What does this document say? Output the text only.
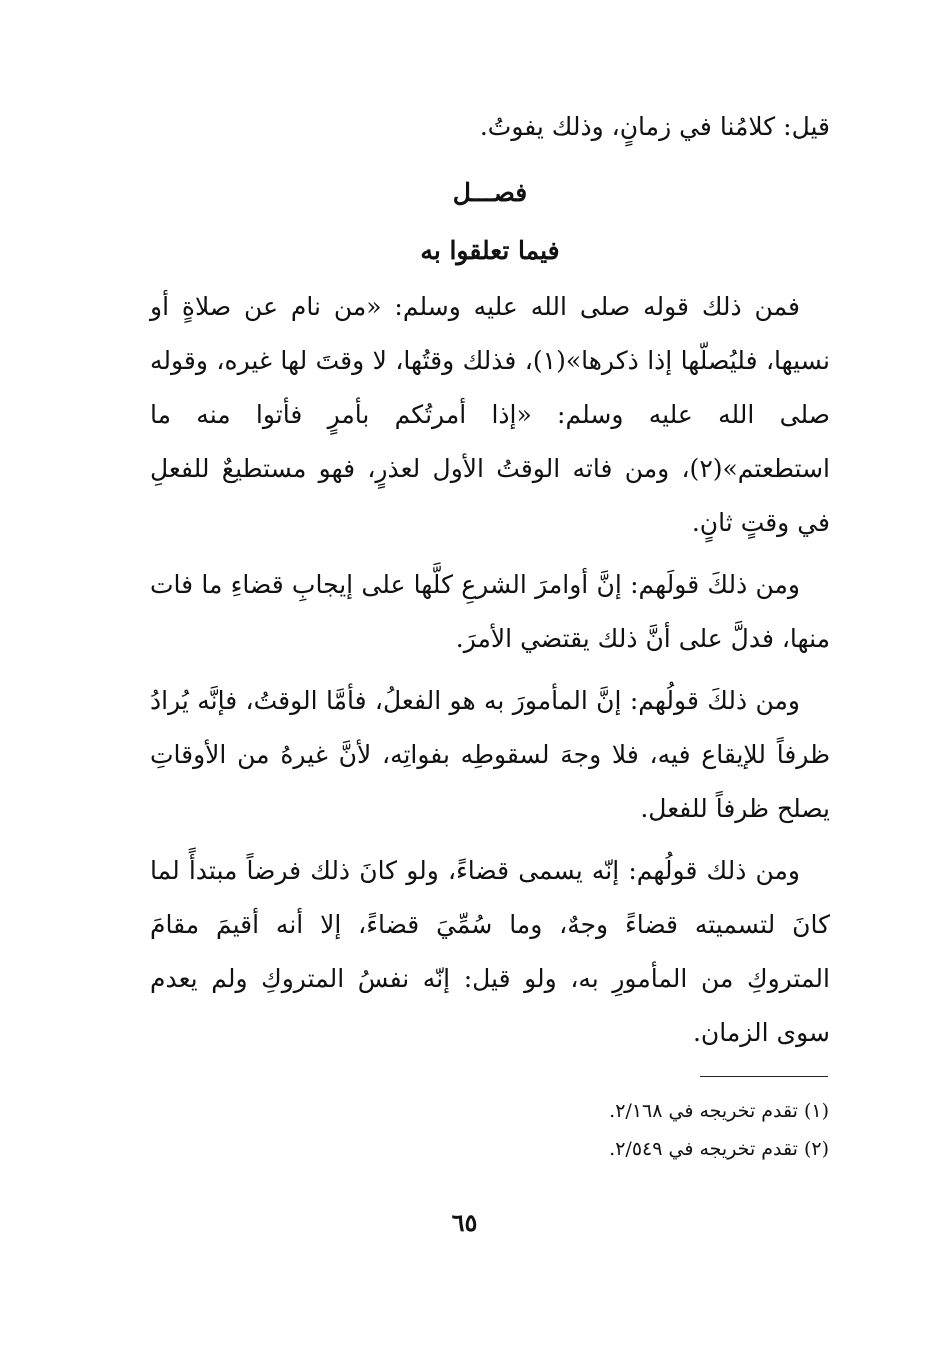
قيل: كلامُنا في زمانٍ، وذلك يفوتُ.

فصـــل

فيما تعلقوا به

فمن ذلك قوله صلى الله عليه وسلم: «من نام عن صلاةٍ أو نسيها، فليُصلّها إذا ذكرها»(١)، فذلك وقتُها، لا وقتَ لها غيره، وقوله صلى الله عليه وسلم: «إذا أمرتُكم بأمرٍ فأتوا منه ما استطعتم»(٢)، ومن فاته الوقتُ الأول لعذرٍ، فهو مستطيعٌ للفعلِ في وقتٍ ثانٍ.

ومن ذلكَ قولَهم: إنَّ أوامرَ الشرعِ كلَّها على إيجابِ قضاءِ ما فات منها، فدلَّ على أنَّ ذلك يقتضي الأمرَ.

ومن ذلكَ قولُهم: إنَّ المأمورَ به هو الفعلُ، فأمَّا الوقتُ، فإنَّه يُرادُ ظرفاً للإيقاع فيه، فلا وجهَ لسقوطِه بفواتِه، لأنَّ غيرهُ من الأوقاتِ يصلح ظرفاً للفعل.

ومن ذلك قولُهم: إنّه يسمى قضاءً، ولو كانَ ذلك فرضاً مبتدأً لما كانَ لتسميته قضاءً وجهٌ، وما سُمِّيَ قضاءً، إلا أنه أقيمَ مقامَ المتروكِ من المأمورِ به، ولو قيل: إنّه نفسُ المتروكِ ولم يعدم سوى الزمان.

(١) تقدم تخريجه في ٢/١٦٨.

(٢) تقدم تخريجه في ٢/٥٤٩.

٦٥
